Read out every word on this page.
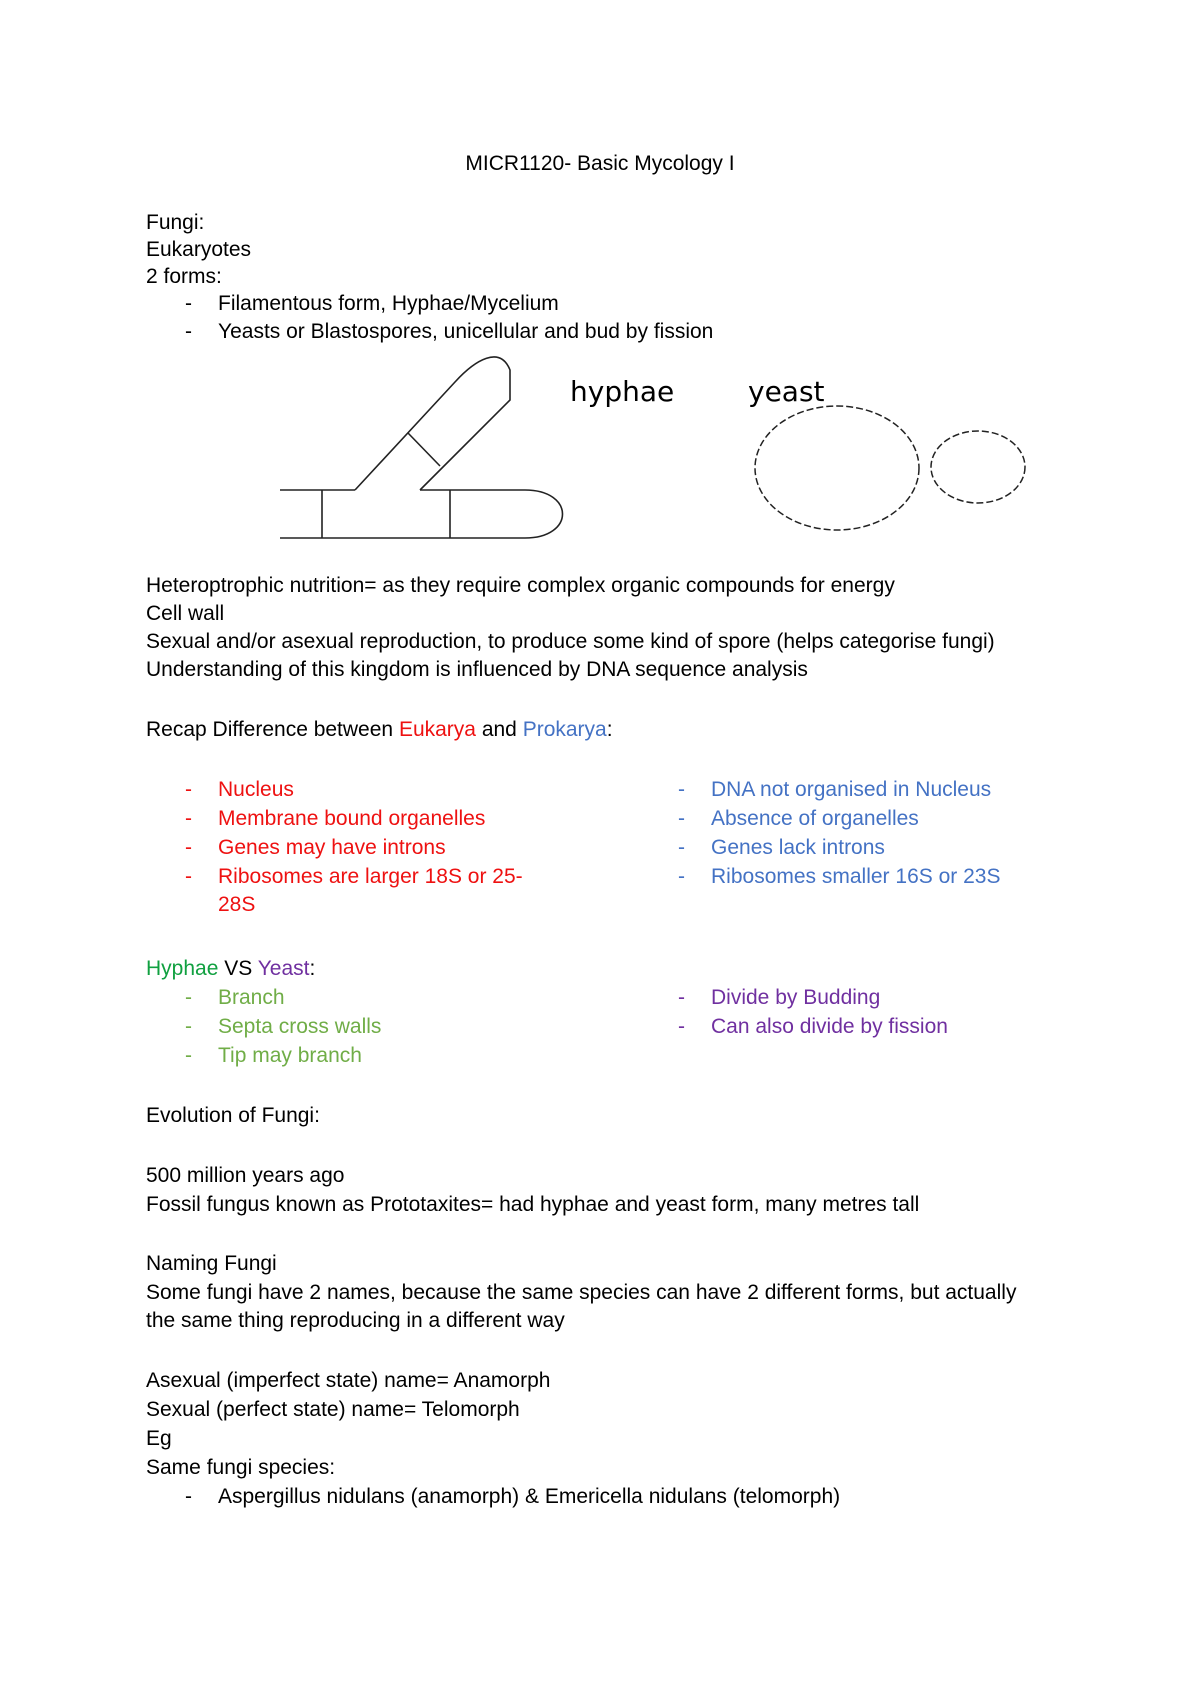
MICR1120- Basic Mycology I
Fungi:
Eukaryotes
2 forms:
- Filamentous form, Hyphae/Mycelium
- Yeasts or Blastospores, unicellular and bud by fission
hyphae	yeast
Heteroptrophic nutrition= as they require complex organic compounds for energy
Cell wall
Sexual and/or asexual reproduction, to produce some kind of spore (helps categorise fungi)
Understanding of this kingdom is influenced by DNA sequence analysis
Recap Difference between Eukarya and Prokarya:
- Nucleus
- Membrane bound organelles
- Genes may have introns
- Ribosomes are larger 18S or 25-
28S
- DNA not organised in Nucleus
- Absence of organelles
- Genes lack introns
- Ribosomes smaller 16S or 23S
Hyphae VS Yeast:
- Branch
- Septa cross walls
- Tip may branch
- Divide by Budding
- Can also divide by fission
Evolution of Fungi:
500 million years ago
Fossil fungus known as Prototaxites= had hyphae and yeast form, many metres tall
Naming Fungi
Some fungi have 2 names, because the same species can have 2 different forms, but actually
the same thing reproducing in a different way
Asexual (imperfect state) name= Anamorph
Sexual (perfect state) name= Telomorph
Eg
Same fungi species:
- Aspergillus nidulans (anamorph) & Emericella nidulans (telomorph)
